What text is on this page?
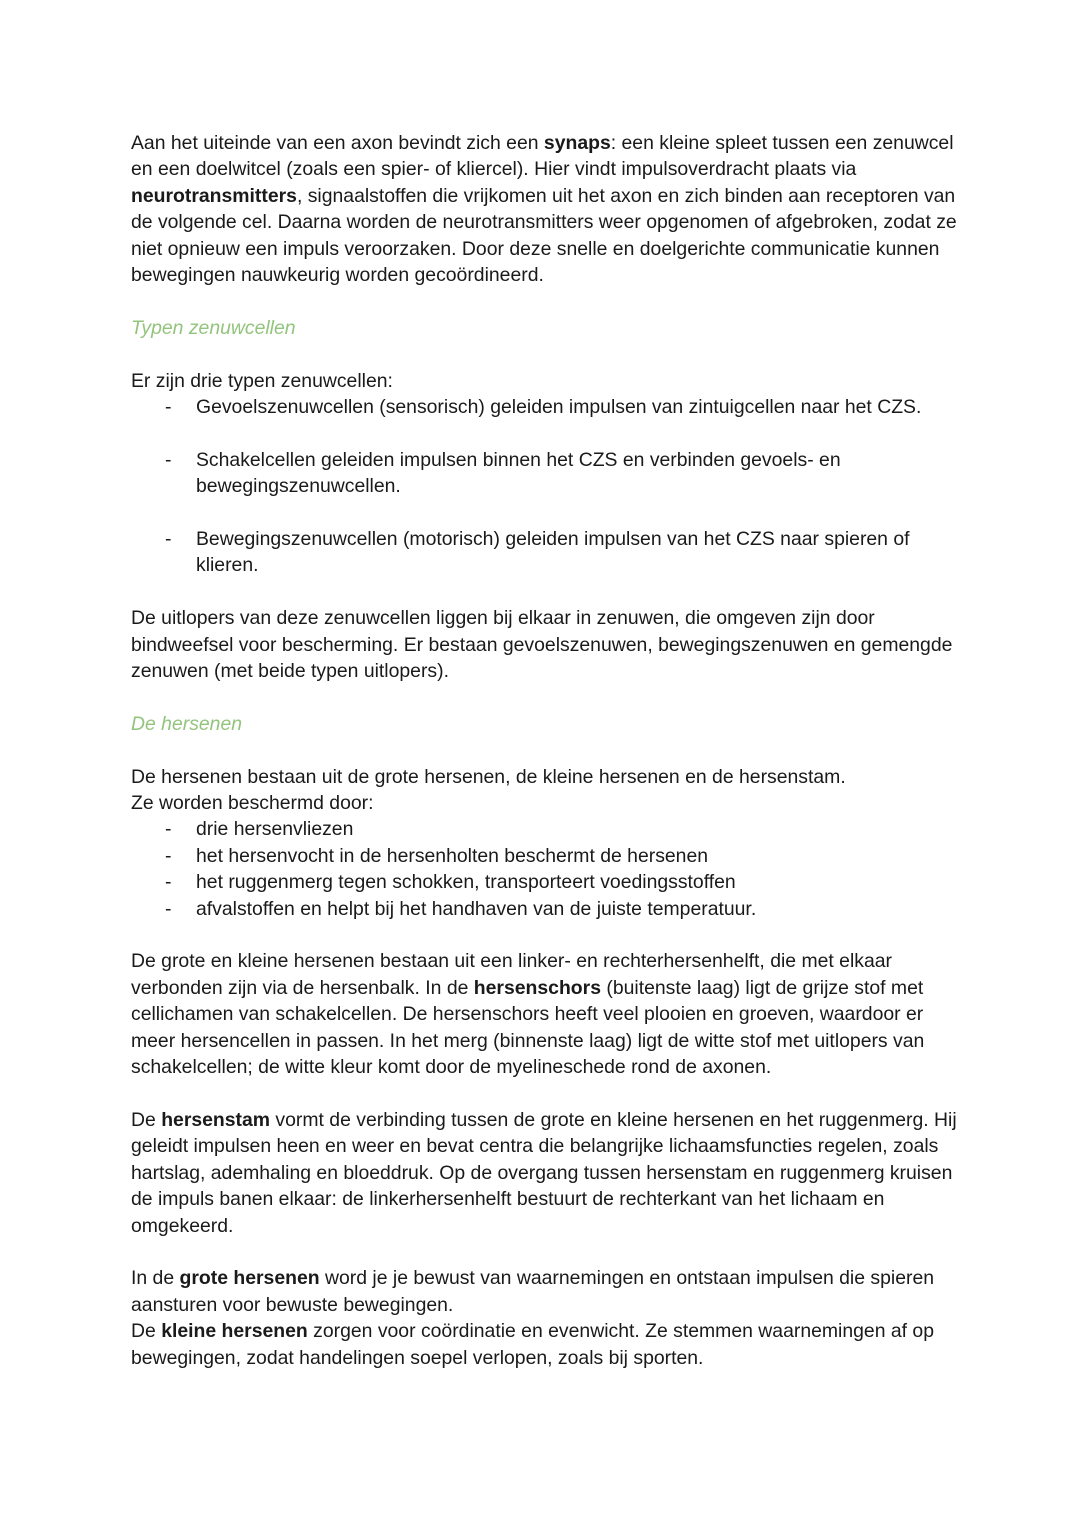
Aan het uiteinde van een axon bevindt zich een synaps: een kleine spleet tussen een zenuwcel en een doelwitcel (zoals een spier- of kliercel). Hier vindt impulsoverdracht plaats via neurotransmitters, signaalstoffen die vrijkomen uit het axon en zich binden aan receptoren van de volgende cel. Daarna worden de neurotransmitters weer opgenomen of afgebroken, zodat ze niet opnieuw een impuls veroorzaken. Door deze snelle en doelgerichte communicatie kunnen bewegingen nauwkeurig worden gecoördineerd.

Typen zenuwcellen

Er zijn drie typen zenuwcellen:

- Gevoelszenuwcellen (sensorisch) geleiden impulsen van zintuigcellen naar het CZS.
- Schakelcellen geleiden impulsen binnen het CZS en verbinden gevoels- en bewegingszenuwcellen.
- Bewegingszenuwcellen (motorisch) geleiden impulsen van het CZS naar spieren of klieren.

De uitlopers van deze zenuwcellen liggen bij elkaar in zenuwen, die omgeven zijn door bindweefsel voor bescherming. Er bestaan gevoelszenuwen, bewegingszenuwen en gemengde zenuwen (met beide typen uitlopers).

De hersenen

De hersenen bestaan uit de grote hersenen, de kleine hersenen en de hersenstam.

Ze worden beschermd door:

- drie hersenvliezen
- het hersenvocht in de hersenholten beschermt de hersenen
- het ruggenmerg tegen schokken, transporteert voedingsstoffen
- afvalstoffen en helpt bij het handhaven van de juiste temperatuur.

De grote en kleine hersenen bestaan uit een linker- en rechterhersenhelft, die met elkaar verbonden zijn via de hersenbalk. In de hersenschors (buitenste laag) ligt de grijze stof met cellichamen van schakelcellen. De hersenschors heeft veel plooien en groeven, waardoor er meer hersencellen in passen. In het merg (binnenste laag) ligt de witte stof met uitlopers van schakelcellen; de witte kleur komt door de myelineschede rond de axonen.

De hersenstam vormt de verbinding tussen de grote en kleine hersenen en het ruggenmerg. Hij geleidt impulsen heen en weer en bevat centra die belangrijke lichaamsfuncties regelen, zoals hartslag, ademhaling en bloeddruk. Op de overgang tussen hersenstam en ruggenmerg kruisen de impuls banen elkaar: de linkerhersenhelft bestuurt de rechterkant van het lichaam en omgekeerd.

In de grote hersenen word je je bewust van waarnemingen en ontstaan impulsen die spieren aansturen voor bewuste bewegingen.

De kleine hersenen zorgen voor coördinatie en evenwicht. Ze stemmen waarnemingen af op bewegingen, zodat handelingen soepel verlopen, zoals bij sporten.
